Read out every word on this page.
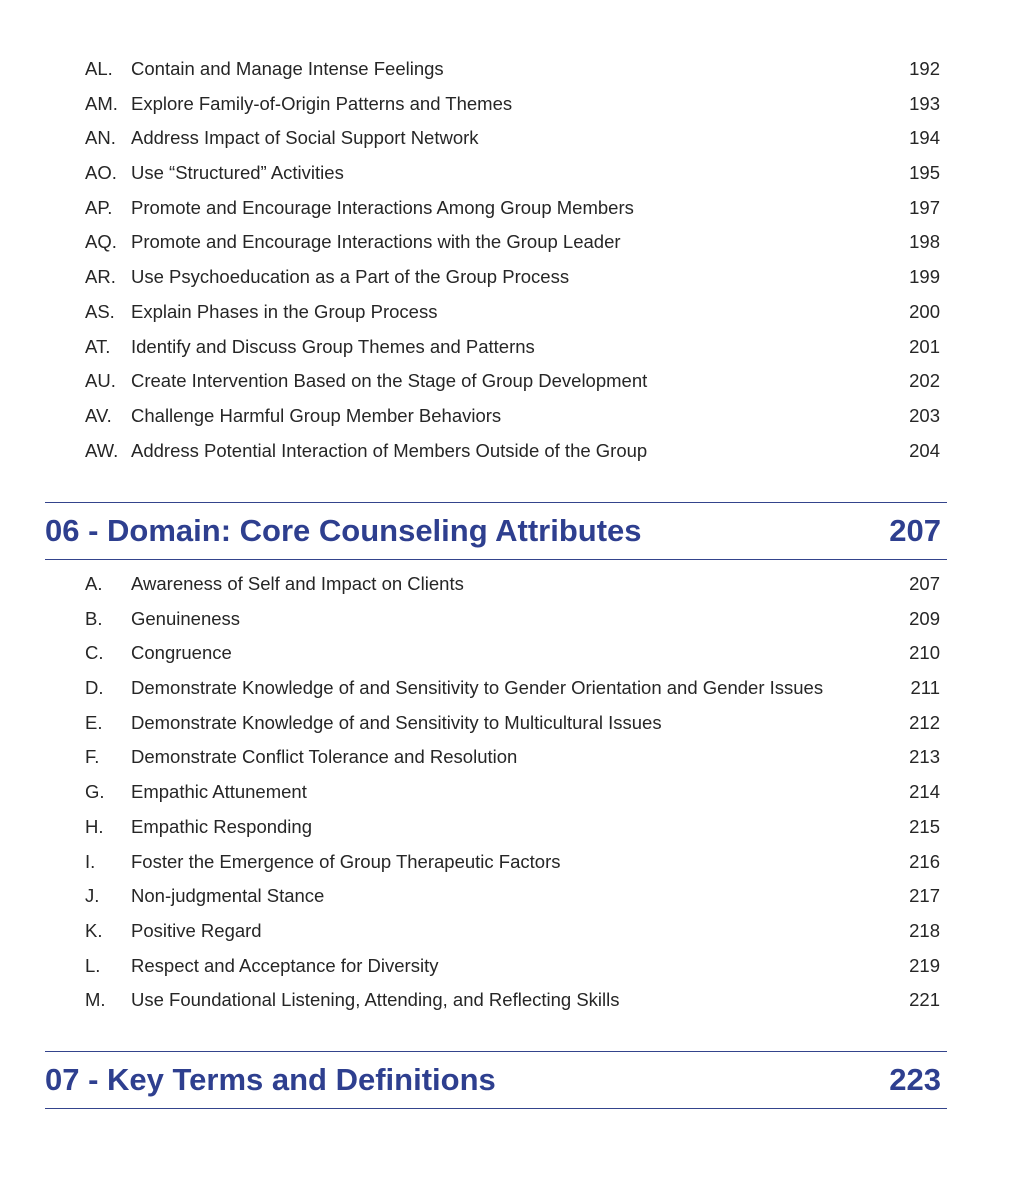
AL. Contain and Manage Intense Feelings	192
AM. Explore Family-of-Origin Patterns and Themes	193
AN. Address Impact of Social Support Network	194
AO. Use “Structured” Activities	195
AP. Promote and Encourage Interactions Among Group Members	197
AQ. Promote and Encourage Interactions with the Group Leader	198
AR. Use Psychoeducation as a Part of the Group Process	199
AS. Explain Phases in the Group Process	200
AT. Identify and Discuss Group Themes and Patterns	201
AU. Create Intervention Based on the Stage of Group Development	202
AV. Challenge Harmful Group Member Behaviors	203
AW. Address Potential Interaction of Members Outside of the Group	204
06 - Domain: Core Counseling Attributes	207
A. Awareness of Self and Impact on Clients	207
B. Genuineness	209
C. Congruence	210
D. Demonstrate Knowledge of and Sensitivity to Gender Orientation and Gender Issues	211
E. Demonstrate Knowledge of and Sensitivity to Multicultural Issues	212
F. Demonstrate Conflict Tolerance and Resolution	213
G. Empathic Attunement	214
H. Empathic Responding	215
I. Foster the Emergence of Group Therapeutic Factors	216
J. Non-judgmental Stance	217
K. Positive Regard	218
L. Respect and Acceptance for Diversity	219
M. Use Foundational Listening, Attending, and Reflecting Skills	221
07 - Key Terms and Definitions	223
